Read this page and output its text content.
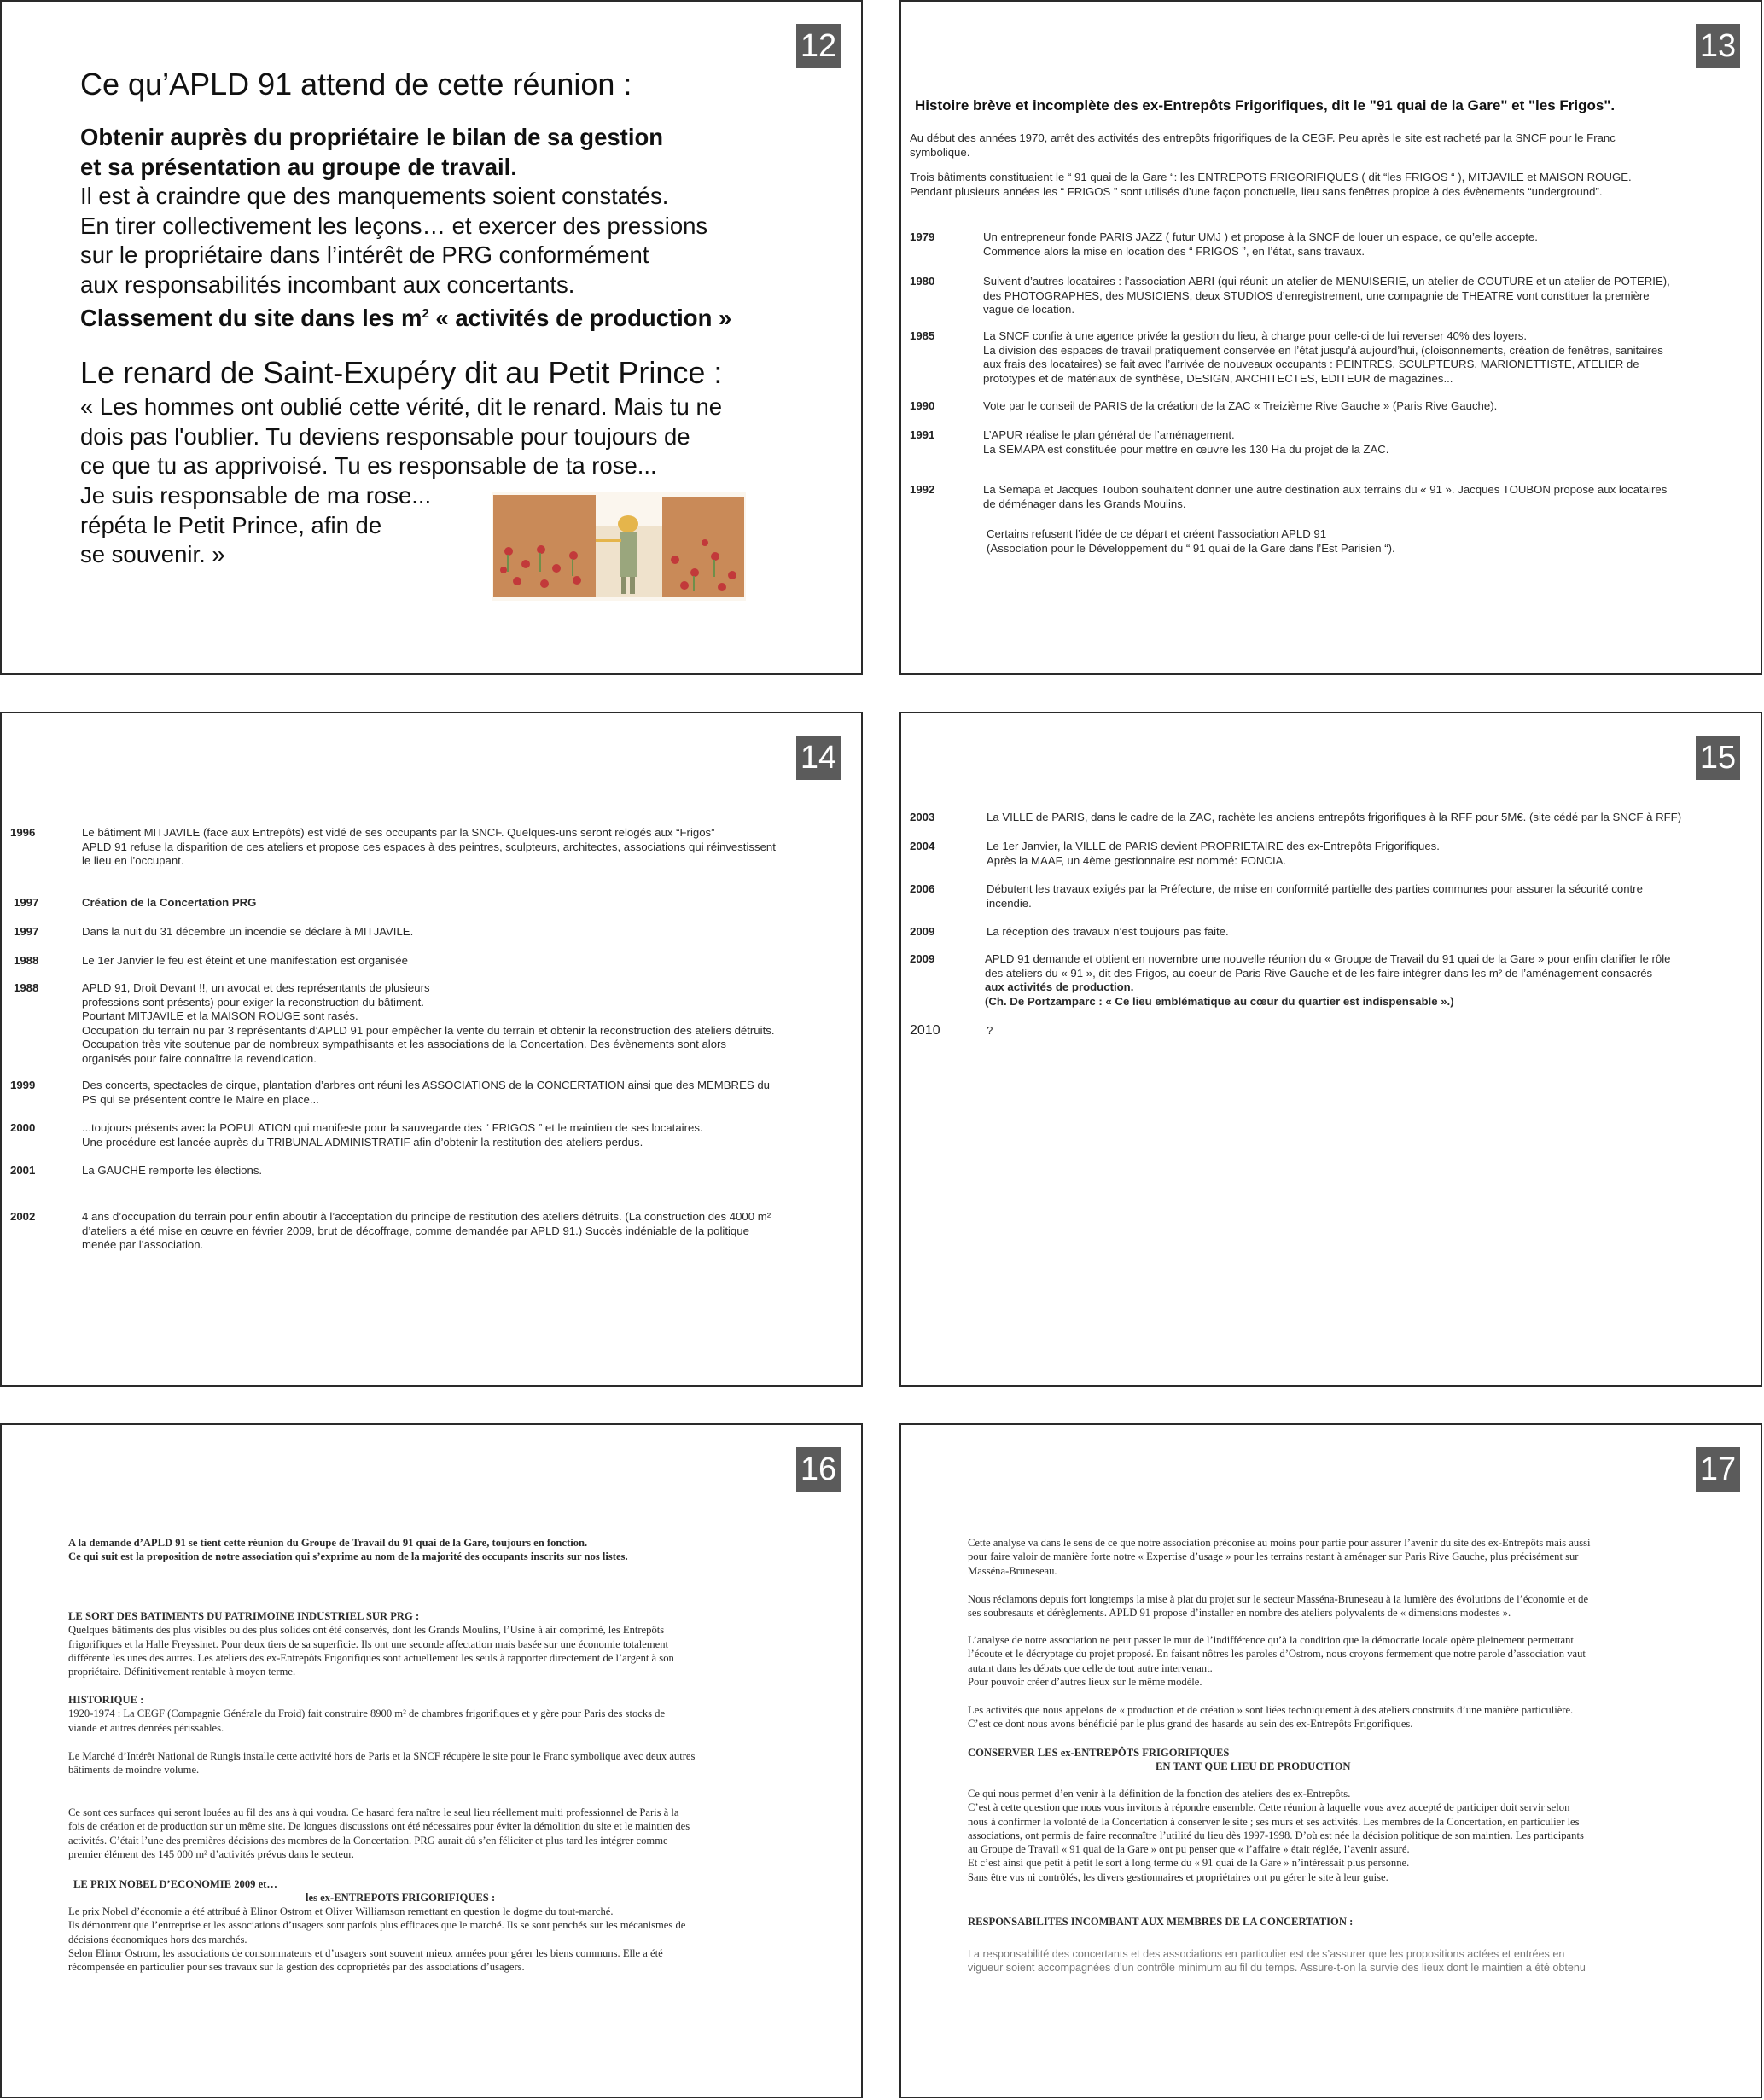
12
Ce qu’APLD 91 attend de cette réunion :
Obtenir auprès du propriétaire le bilan de sa gestion
et sa présentation au groupe de travail.
Il est à craindre que des manquements soient constatés.
En tirer collectivement les leçons… et exercer des pressions
sur le propriétaire dans l’intérêt de PRG conformément
aux responsabilités incombant aux concertants.
Classement du site dans les $m^2$ « activités de production »
Le renard de Saint-Exupéry dit au Petit Prince :
« Les hommes ont oublié cette vérité, dit le renard. Mais tu ne
dois pas l'oublier. Tu deviens responsable pour toujours de
ce que tu as apprivoisé. Tu es responsable de ta rose...
Je suis responsable de ma rose...
répéta le Petit Prince, afin de
se souvenir. »
13
Histoire brève et incomplète des ex-Entrepôts Frigorifiques, dit le "91 quai de la Gare" et "les Frigos".
Au début des années 1970, arrêt des activités des entrepôts frigorifiques de la CEGF. Peu après le site est racheté par la SNCF pour le Franc
symbolique.
Trois bâtiments constituaient le “ 91 quai de la Gare “: les ENTREPOTS FRIGORIFIQUES ( dit “les FRIGOS “ ), MITJAVILE et MAISON ROUGE.
Pendant plusieurs années les “ FRIGOS ” sont utilisés d’une façon ponctuelle, lieu sans fenêtres propice à des évènements “underground”.
1979	Un entrepreneur fonde PARIS JAZZ ( futur UMJ ) et propose à la SNCF de louer un espace, ce qu’elle accepte.
Commence alors la mise en location des “ FRIGOS ”, en l’état, sans travaux.
1980	Suivent d’autres locataires : l’association ABRI (qui réunit un atelier de MENUISERIE, un atelier de COUTURE et un atelier de POTERIE),
des PHOTOGRAPHES, des MUSICIENS, deux STUDIOS d’enregistrement, une compagnie de THEATRE vont constituer la première
vague de location.
1985	La SNCF confie à une agence privée la gestion du lieu, à charge pour celle-ci de lui reverser 40% des loyers.
La division des espaces de travail pratiquement conservée en l’état jusqu’à aujourd’hui, (cloisonnements, création de fenêtres, sanitaires
aux frais des locataires) se fait avec l’arrivée de nouveaux occupants : PEINTRES, SCULPTEURS, MARIONETTISTE, ATELIER de
prototypes et de matériaux de synthèse, DESIGN, ARCHITECTES, EDITEUR de magazines...
1990	Vote par le conseil de PARIS de la création de la ZAC « Treizième Rive Gauche » (Paris Rive Gauche).
1991	L’APUR réalise le plan général de l’aménagement.
La SEMAPA est constituée pour mettre en œuvre les 130 Ha du projet de la ZAC.
1992	La Semapa et Jacques Toubon souhaitent donner une autre destination aux terrains du « 91 ». Jacques TOUBON propose aux locataires
de déménager dans les Grands Moulins.
Certains refusent l’idée de ce départ et créent l’association APLD 91
(Association pour le Développement du “ 91 quai de la Gare dans l’Est Parisien “).
14
1996	Le bâtiment MITJAVILE (face aux Entrepôts) est vidé de ses occupants par la SNCF. Quelques-uns seront relogés aux “Frigos”
APLD 91 refuse la disparition de ces ateliers et propose ces espaces à des peintres, sculpteurs, architectes, associations qui réinvestissent
le lieu en l’occupant.
1997	Création de la Concertation PRG
1997	Dans la nuit du 31 décembre un incendie se déclare à MITJAVILE.
1988	Le 1er Janvier le feu est éteint et une manifestation est organisée
1988	APLD 91, Droit Devant !!, un avocat et des représentants de plusieurs
professions sont présents) pour exiger la reconstruction du bâtiment.
Pourtant MITJAVILE et la MAISON ROUGE sont rasés.
Occupation du terrain nu par 3 représentants d’APLD 91 pour empêcher la vente du terrain et obtenir la reconstruction des ateliers détruits.
Occupation très vite soutenue par de nombreux sympathisants et les associations de la Concertation. Des évènements sont alors
organisés pour faire connaître la revendication.
1999	Des concerts, spectacles de cirque, plantation d’arbres ont réuni les ASSOCIATIONS de la CONCERTATION ainsi que des MEMBRES du
PS qui se présentent contre le Maire en place...
2000	...toujours présents avec la POPULATION qui manifeste pour la sauvegarde des “ FRIGOS ” et le maintien de ses locataires.
Une procédure est lancée auprès du TRIBUNAL ADMINISTRATIF afin d’obtenir la restitution des ateliers perdus.
2001	La GAUCHE remporte les élections.
2002	4 ans d’occupation du terrain pour enfin aboutir à l’acceptation du principe de restitution des ateliers détruits. (La construction des 4000 m²
d’ateliers a été mise en œuvre en février 2009, brut de décoffrage, comme demandée par APLD 91.) Succès indéniable de la politique
menée par l’association.
15
2003	La VILLE de PARIS, dans le cadre de la ZAC, rachète les anciens entrepôts frigorifiques à la RFF pour 5M€. (site cédé par la SNCF à RFF)
2004	Le 1er Janvier, la VILLE de PARIS devient PROPRIETAIRE des ex-Entrepôts Frigorifiques.
Après la MAAF, un 4ème gestionnaire est nommé: FONCIA.
2006	Débutent les travaux exigés par la Préfecture, de mise en conformité partielle des parties communes pour assurer la sécurité contre
incendie.
2009	La réception des travaux n’est toujours pas faite.
2009	APLD 91 demande et obtient en novembre une nouvelle réunion du « Groupe de Travail du 91 quai de la Gare » pour enfin clarifier le rôle
des ateliers du « 91 », dit des Frigos, au coeur de Paris Rive Gauche et de les faire intégrer dans les m² de l’aménagement consacrés
aux activités de production.
(Ch. De Portzamparc : « Ce lieu emblématique au cœur du quartier est indispensable ».)
2010	?
16
A la demande d’APLD 91 se tient cette réunion du Groupe de Travail du 91 quai de la Gare, toujours en fonction.
Ce qui suit est la proposition de notre association qui s’exprime au nom de la majorité des occupants inscrits sur nos listes.
LE SORT DES BATIMENTS DU PATRIMOINE INDUSTRIEL SUR PRG :
Quelques bâtiments des plus visibles ou des plus solides ont été conservés, dont les Grands Moulins, l’Usine à air comprimé, les Entrepôts
frigorifiques et la Halle Freyssinet. Pour deux tiers de sa superficie. Ils ont une seconde affectation mais basée sur une économie totalement
différente les unes des autres. Les ateliers des ex-Entrepôts Frigorifiques sont actuellement les seuls à rapporter directement de l’argent à son
propriétaire. Définitivement rentable à moyen terme.
HISTORIQUE :
1920-1974 : La CEGF (Compagnie Générale du Froid) fait construire 8900 m² de chambres frigorifiques et y gère pour Paris des stocks de
viande et autres denrées périssables.
Le Marché d’Intérêt National de Rungis installe cette activité hors de Paris et la SNCF récupère le site pour le Franc symbolique avec deux autres
bâtiments de moindre volume.
Ce sont ces surfaces qui seront louées au fil des ans à qui voudra. Ce hasard fera naître le seul lieu réellement multi professionnel de Paris à la
fois de création et de production sur un même site. De longues discussions ont été nécessaires pour éviter la démolition du site et le maintien des
activités. C’était l’une des premières décisions des membres de la Concertation. PRG aurait dû s’en féliciter et plus tard les intégrer comme
premier élément des 145 000 m² d’activités prévus dans le secteur.
LE PRIX NOBEL D’ECONOMIE 2009 et…
les ex-ENTREPOTS FRIGORIFIQUES :
Le prix Nobel d’économie a été attribué à Elinor Ostrom et Oliver Williamson remettant en question le dogme du tout-marché.
Ils démontrent que l’entreprise et les associations d’usagers sont parfois plus efficaces que le marché. Ils se sont penchés sur les mécanismes de
décisions économiques hors des marchés.
Selon Elinor Ostrom, les associations de consommateurs et d’usagers sont souvent mieux armées pour gérer les biens communs. Elle a été
récompensée en particulier pour ses travaux sur la gestion des copropriétés par des associations d’usagers.
17
Cette analyse va dans le sens de ce que notre association préconise au moins pour partie pour assurer l’avenir du site des ex-Entrepôts mais aussi
pour faire valoir de manière forte notre « Expertise d’usage » pour les terrains restant à aménager sur Paris Rive Gauche, plus précisément sur
Masséna-Bruneseau.
Nous réclamons depuis fort longtemps la mise à plat du projet sur le secteur Masséna-Bruneseau à la lumière des évolutions de l’économie et de
ses soubresauts et dérèglements. APLD 91 propose d’installer en nombre des ateliers polyvalents de « dimensions modestes ».
L’analyse de notre association ne peut passer le mur de l’indifférence qu’à la condition que la démocratie locale opère pleinement permettant
l’écoute et le décryptage du projet proposé. En faisant nôtres les paroles d’Ostrom, nous croyons fermement que notre parole d’association vaut
autant dans les débats que celle de tout autre intervenant.
Pour pouvoir créer d’autres lieux sur le même modèle.
Les activités que nous appelons de « production et de création » sont liées techniquement à des ateliers construits d’une manière particulière.
C’est ce dont nous avons bénéficié par le plus grand des hasards au sein des ex-Entrepôts Frigorifiques.
CONSERVER LES ex-ENTREPÔTS FRIGORIFIQUES
EN TANT QUE LIEU DE PRODUCTION
Ce qui nous permet d’en venir à la définition de la fonction des ateliers des ex-Entrepôts.
C’est à cette question que nous vous invitons à répondre ensemble. Cette réunion à laquelle vous avez accepté de participer doit servir selon
nous à confirmer la volonté de la Concertation à conserver le site ; ses murs et ses activités. Les membres de la Concertation, en particulier les
associations, ont permis de faire reconnaître l’utilité du lieu dès 1997-1998. D’où est née la décision politique de son maintien. Les participants
au Groupe de Travail « 91 quai de la Gare » ont pu penser que « l’affaire » était réglée, l’avenir assuré.
Et c’est ainsi que petit à petit le sort à long terme du « 91 quai de la Gare » n’intéressait plus personne.
Sans être vus ni contrôlés, les divers gestionnaires et propriétaires ont pu gérer le site à leur guise.
RESPONSABILITES INCOMBANT AUX MEMBRES DE LA CONCERTATION :
La responsabilité des concertants et des associations en particulier est de s’assurer que les propositions actées et entrées en
vigueur soient accompagnées d’un contrôle minimum au fil du temps. Assure-t-on la survie des lieux dont le maintien a été obtenu
